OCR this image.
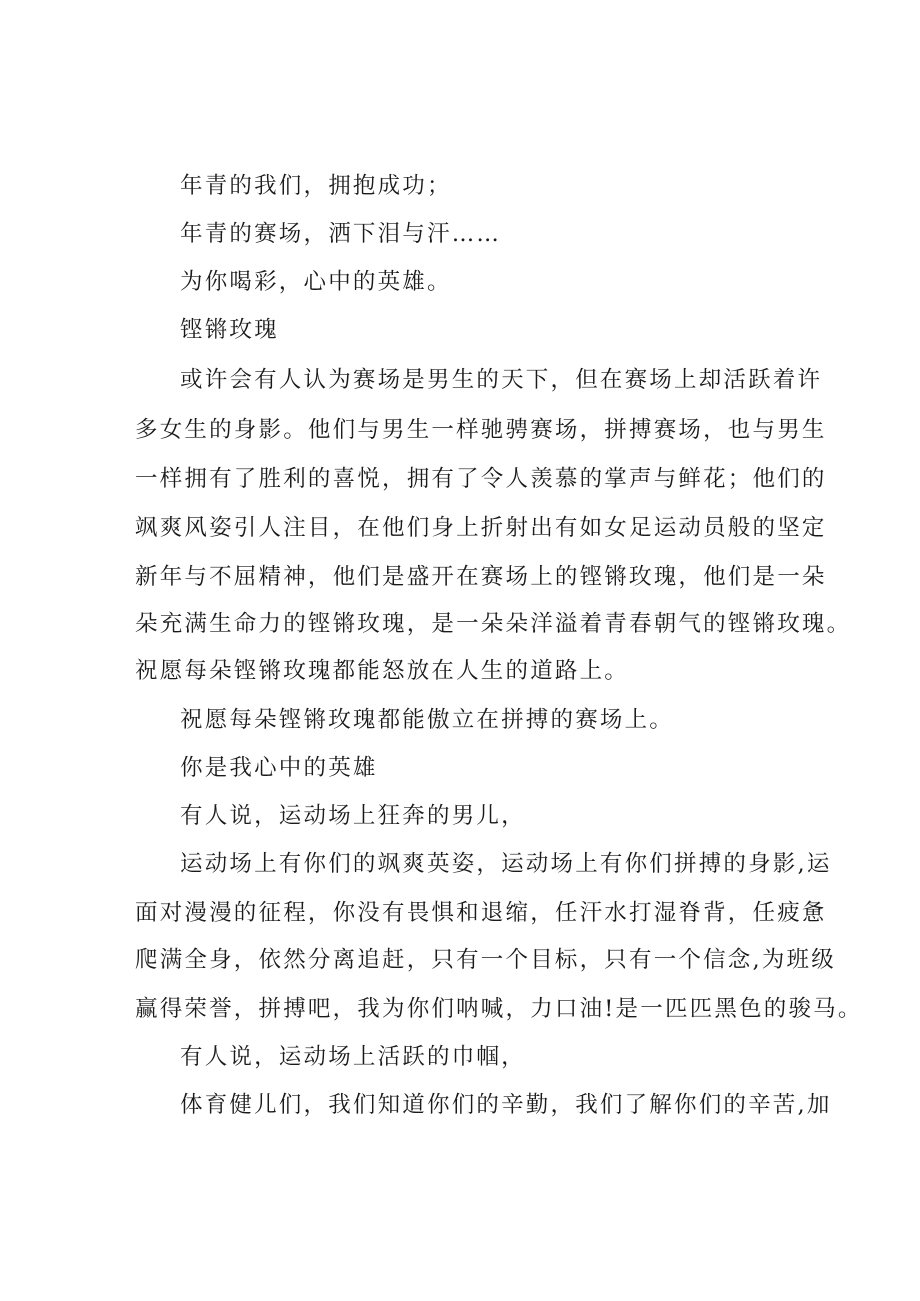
年青的我们，拥抱成功；
年青的赛场，洒下泪与汗……
为你喝彩，心中的英雄。
铿锵玫瑰
或许会有人认为赛场是男生的天下，但在赛场上却活跃着许
多女生的身影。他们与男生一样驰骋赛场，拼搏赛场，也与男生
一样拥有了胜利的喜悦，拥有了令人羡慕的掌声与鲜花；他们的
飒爽风姿引人注目，在他们身上折射出有如女足运动员般的坚定
新年与不屈精神，他们是盛开在赛场上的铿锵玫瑰，他们是一朵
朵充满生命力的铿锵玫瑰，是一朵朵洋溢着青春朝气的铿锵玫瑰。
祝愿每朵铿锵玫瑰都能怒放在人生的道路上。
祝愿每朵铿锵玫瑰都能傲立在拼搏的赛场上。
你是我心中的英雄
有人说，运动场上狂奔的男儿，
运动场上有你们的飒爽英姿，运动场上有你们拼搏的身影,运
面对漫漫的征程，你没有畏惧和退缩，任汗水打湿脊背，任疲惫
爬满全身，依然分离追赶，只有一个目标，只有一个信念,为班级
赢得荣誉，拼搏吧，我为你们呐喊，力口油!是一匹匹黑色的骏马。
有人说，运动场上活跃的巾帼，
体育健儿们，我们知道你们的辛勤，我们了解你们的辛苦,加
